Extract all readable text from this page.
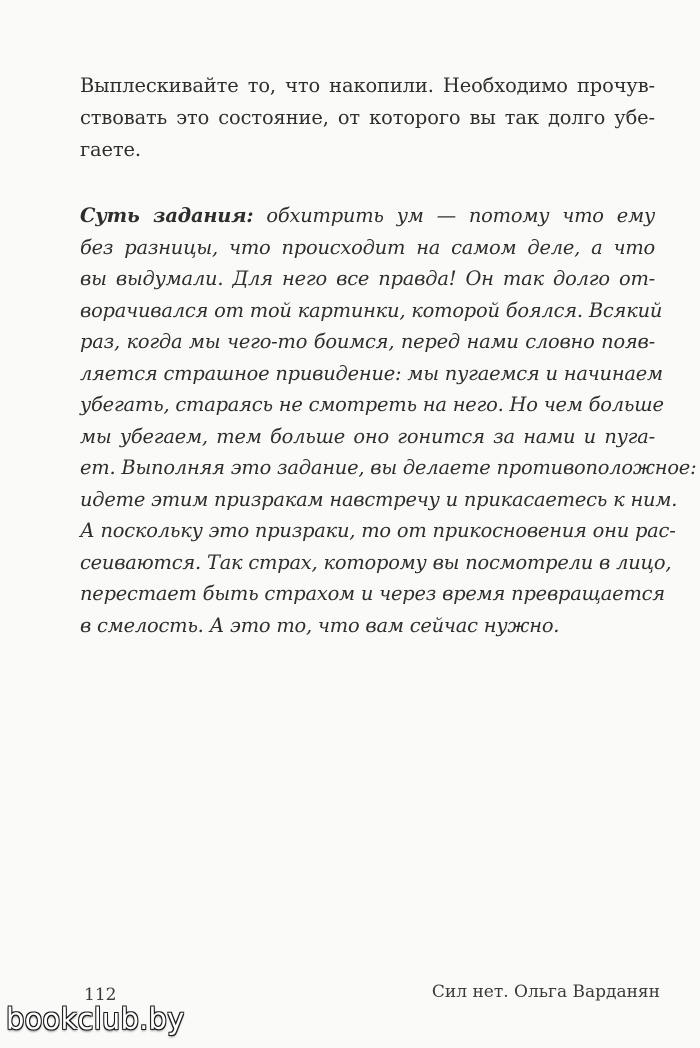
Выплескивайте то, что накопили. Необходимо прочув-
ствовать это состояние, от которого вы так долго убе-
гаете.
Суть задания: обхитрить ум — потому что ему
без разницы, что происходит на самом деле, а что
вы выдумали. Для него все правда! Он так долго от-
ворачивался от той картинки, которой боялся. Всякий
раз, когда мы чего-то боимся, перед нами словно появ-
ляется страшное привидение: мы пугаемся и начинаем
убегать, стараясь не смотреть на него. Но чем больше
мы убегаем, тем больше оно гонится за нами и пуга-
ет. Выполняя это задание, вы делаете противоположное:
идете этим призракам навстречу и прикасаетесь к ним.
А поскольку это призраки, то от прикосновения они рас-
сеиваются. Так страх, которому вы посмотрели в лицо,
перестает быть страхом и через время превращается
в смелость. А это то, что вам сейчас нужно.
112	Сил нет. Ольга Варданян
bookclub.by
